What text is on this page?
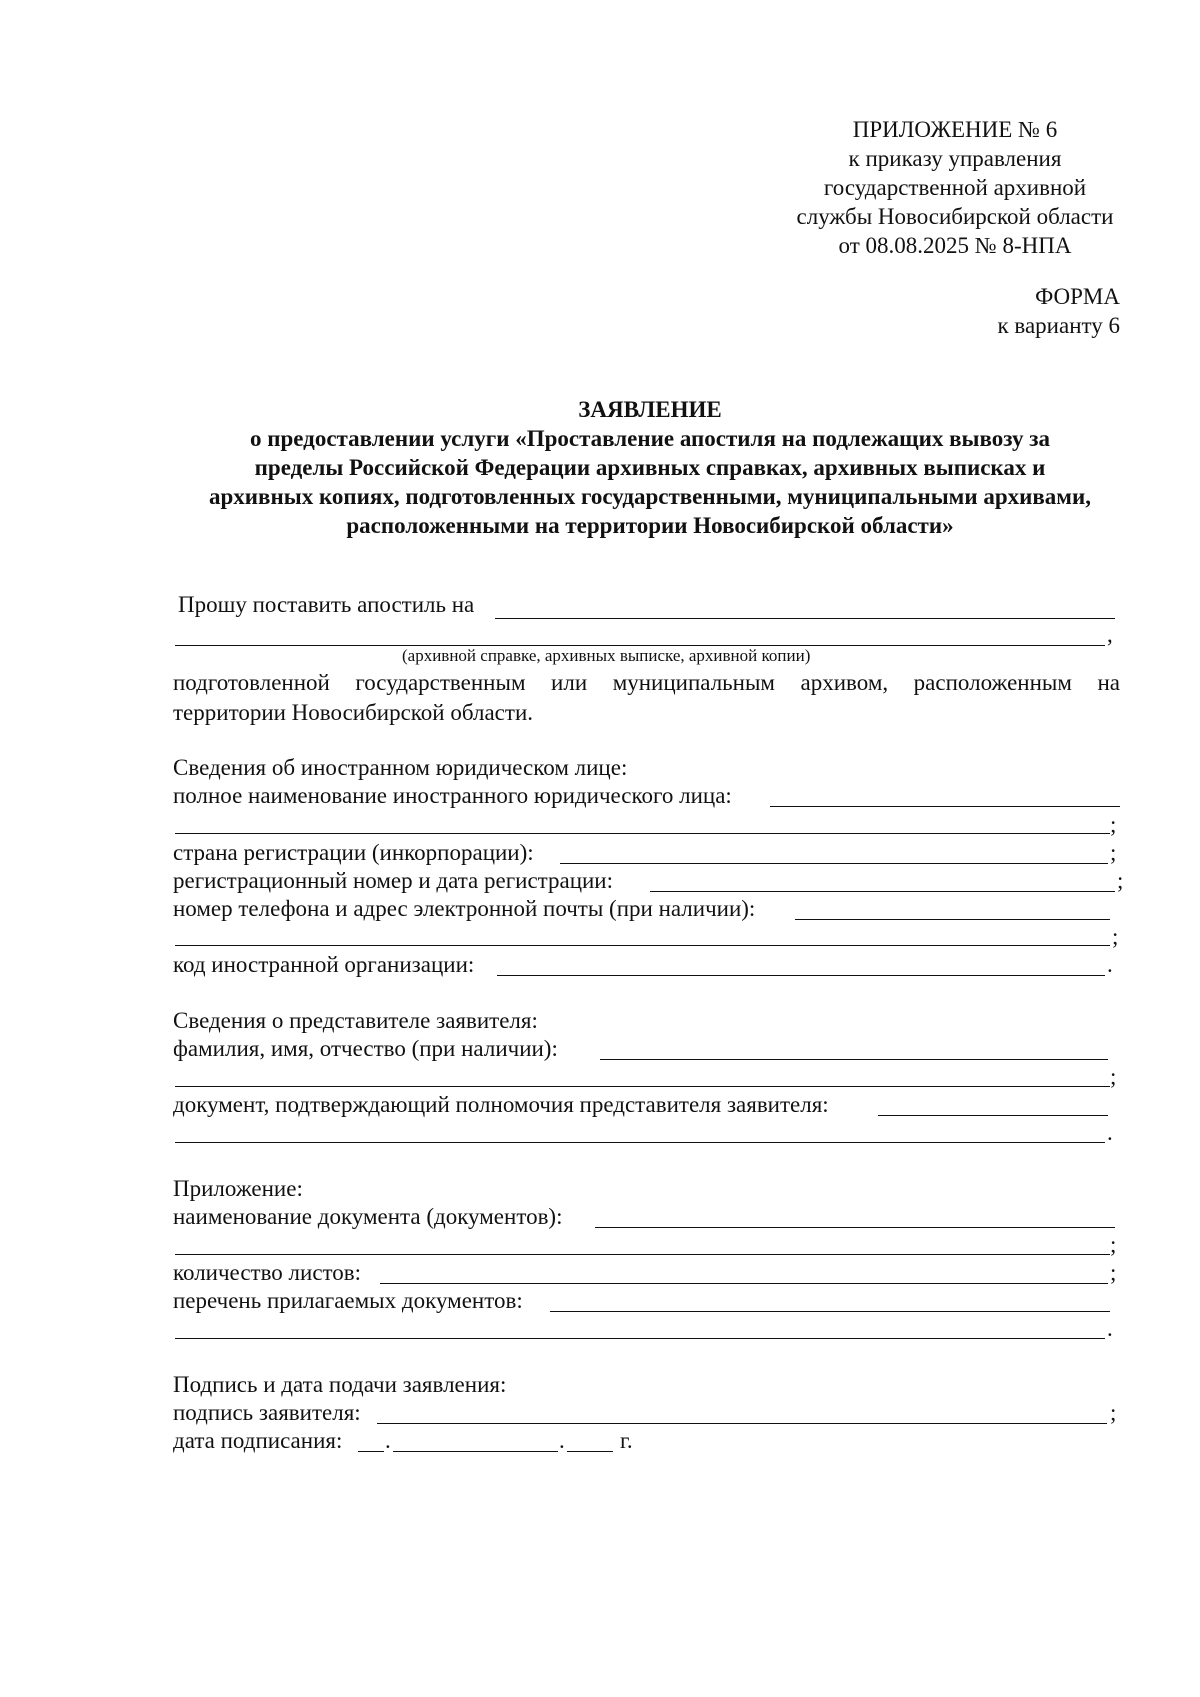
ПРИЛОЖЕНИЕ № 6
к приказу управления
государственной архивной
службы Новосибирской области
от 08.08.2025 № 8-НПА
ФОРМА
к варианту 6
ЗАЯВЛЕНИЕ
о предоставлении услуги «Проставление апостиля на подлежащих вывозу за
пределы Российской Федерации архивных справках, архивных выписках и
архивных копиях, подготовленных государственными, муниципальными архивами,
расположенными на территории Новосибирской области»
Прошу поставить апостиль на
,
(архивной справке, архивных выписке, архивной копии)
подготовленной государственным или муниципальным архивом, расположенным на
территории Новосибирской области.
Сведения об иностранном юридическом лице:
полное наименование иностранного юридического лица:
;
страна регистрации (инкорпорации):	;
регистрационный номер и дата регистрации:	;
номер телефона и адрес электронной почты (при наличии):
;
код иностранной организации:	.
Сведения о представителе заявителя:
фамилия, имя, отчество (при наличии):
;
документ, подтверждающий полномочия представителя заявителя:
.
Приложение:
наименование документа (документов):
;
количество листов:	;
перечень прилагаемых документов:
.
Подпись и дата подачи заявления:
подпись заявителя:	;
дата подписания: .	. г.
